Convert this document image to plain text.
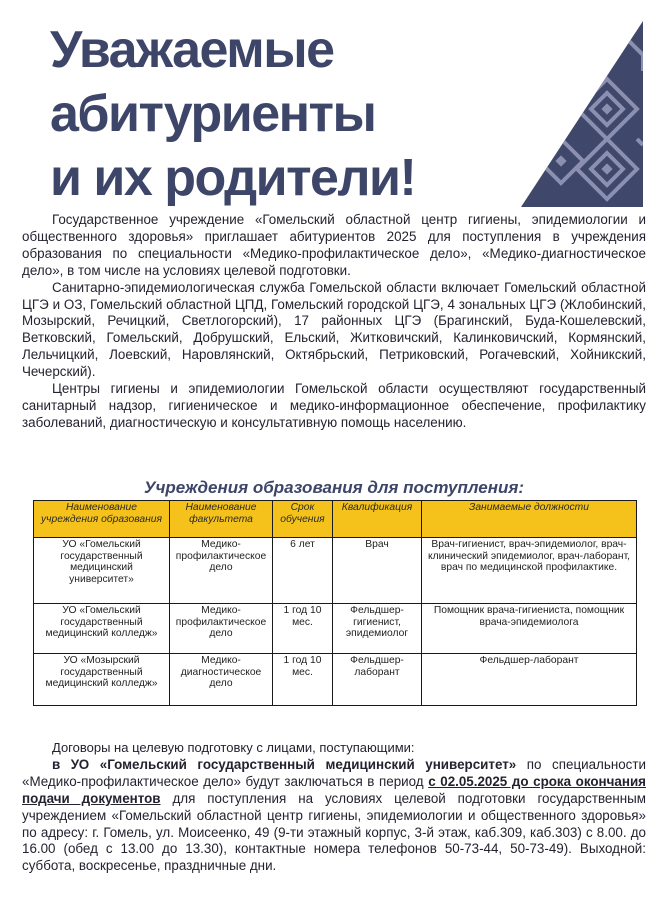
Уважаемые
абитуриенты
и их родители!

Государственное учреждение «Гомельский областной центр гигиены, эпидемиологии и общественного здоровья» приглашает абитуриентов 2025 для поступления в учреждения образования по специальности «Медико-профилактическое дело», «Медико-диагностическое дело», в том числе на условиях целевой подготовки.

Санитарно-эпидемиологическая служба Гомельской области включает Гомельский областной ЦГЭ и ОЗ, Гомельский областной ЦПД, Гомельский городской ЦГЭ, 4 зональных ЦГЭ (Жлобинский, Мозырский, Речицкий, Светлогорский), 17 районных ЦГЭ (Брагинский, Буда-Кошелевский, Ветковский, Гомельский, Добрушский, Ельский, Житковичский, Калинковичский, Кормянский, Лельчицкий, Лоевский, Наровлянский, Октябрьский, Петриковский, Рогачевский, Хойникский, Чечерский).

Центры гигиены и эпидемиологии Гомельской области осуществляют государственный санитарный надзор, гигиеническое и медико-информационное обеспечение, профилактику заболеваний, диагностическую и консультативную помощь населению.

Учреждения образования для поступления:
Наименование учреждения образования	Наименование факультета	Срок обучения	Квалификация	Занимаемые должности
УО «Гомельский государственный медицинский университет»	Медико-профилактическое дело	6 лет	Врач	Врач-гигиенист, врач-эпидемиолог, врач-клинический эпидемиолог, врач-лаборант, врач по медицинской профилактике.
УО «Гомельский государственный медицинский колледж»	Медико-профилактическое дело	1 год 10 мес.	Фельдшер-гигиенист, эпидемиолог	Помощник врача-гигиениста, помощник врача-эпидемиолога
УО «Мозырский государственный медицинский колледж»	Медико-диагностическое дело	1 год 10 мес.	Фельдшер-лаборант	Фельдшер-лаборант

Договоры на целевую подготовку с лицами, поступающими:

в УО «Гомельский государственный медицинский университет» по специальности «Медико-профилактическое дело» будут заключаться в период с 02.05.2025 до срока окончания подачи документов для поступления на условиях целевой подготовки государственным учреждением «Гомельский областной центр гигиены, эпидемиологии и общественного здоровья» по адресу: г. Гомель, ул. Моисеенко, 49 (9-ти этажный корпус, 3-й этаж, каб.309, каб.303) с 8.00. до 16.00 (обед с 13.00 до 13.30), контактные номера телефонов 50-73-44, 50-73-49). Выходной: суббота, воскресенье, праздничные дни.
